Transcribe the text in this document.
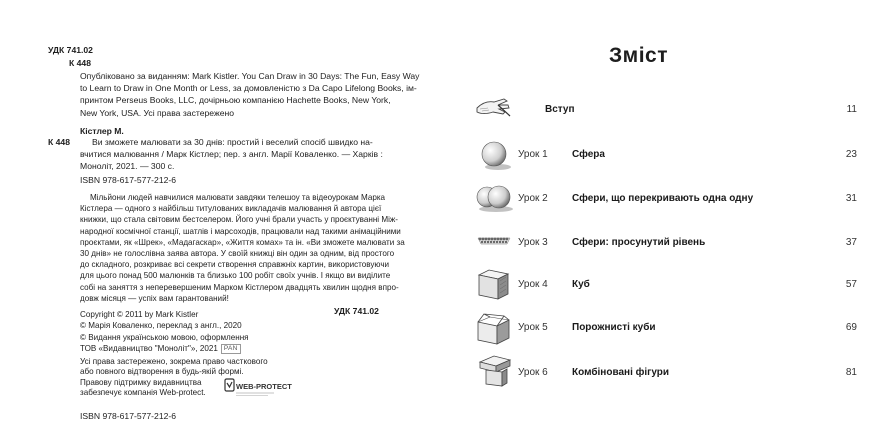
УДК 741.02
К 448
Опубліковано за виданням: Mark Kistler. You Can Draw in 30 Days: The Fun, Easy Way
to Learn to Draw in One Month or Less, за домовленістю з Da Capo Lifelong Books, ім-
принтом Perseus Books, LLC, дочірньою компанією Hachette Books, New York,
New York, USA. Усі права застережено
К 448
Кістлер М.
Ви зможете малювати за 30 днів: простий і веселий спосіб швидко на-
вчитися малювання / Марк Кістлер; пер. з англ. Марії Коваленко. — Харків :
Моноліт, 2021. — 300 с.
ISBN 978-617-577-212-6
Мільйони людей навчилися малювати завдяки телешоу та відеоурокам Марка
Кістлера — одного з найбільш титулованих викладачів малювання й автора цієї
книжки, що стала світовим бестселером. Його учні брали участь у проєктуванні Між-
народної космічної станції, шатлів і марсоходів, працювали над такими анімаційними
проєктами, як «Шрек», «Мадагаскар», «Життя комах» та ін. «Ви зможете малювати за
30 днів» не голослівна заява автора. У своїй книжці він один за одним, від простого
до складного, розкриває всі секрети створення справжніх картин, використовуючи
для цього понад 500 малюнків та близько 100 робіт своїх учнів. І якщо ви виділите
собі на заняття з неперевершеним Марком Кістлером двадцять хвилин щодня впро-
довж місяця — успіх вам гарантований!
УДК 741.02
Copyright © 2011 by Mark Kistler
© Марія Коваленко, переклад з англ., 2020
© Видання українською мовою, оформлення
ТОВ «Видавництво "Моноліт"», 2021 PAN
Усі права застережено, зокрема право часткового
або повного відтворення в будь-якій формі.
Правову підтримку видавництва
забезпечує компанія Web-protect.
WEB-PROTECT
ISBN 978-617-577-212-6
Зміст
Вступ	11
Урок 1 Сфера	23
Урок 2 Сфери, що перекривають одна одну	31
Урок 3 Сфери: просунутий рівень	37
Урок 4 Куб	57
Урок 5 Порожнисті куби	69
Урок 6 Комбіновані фігури	81
